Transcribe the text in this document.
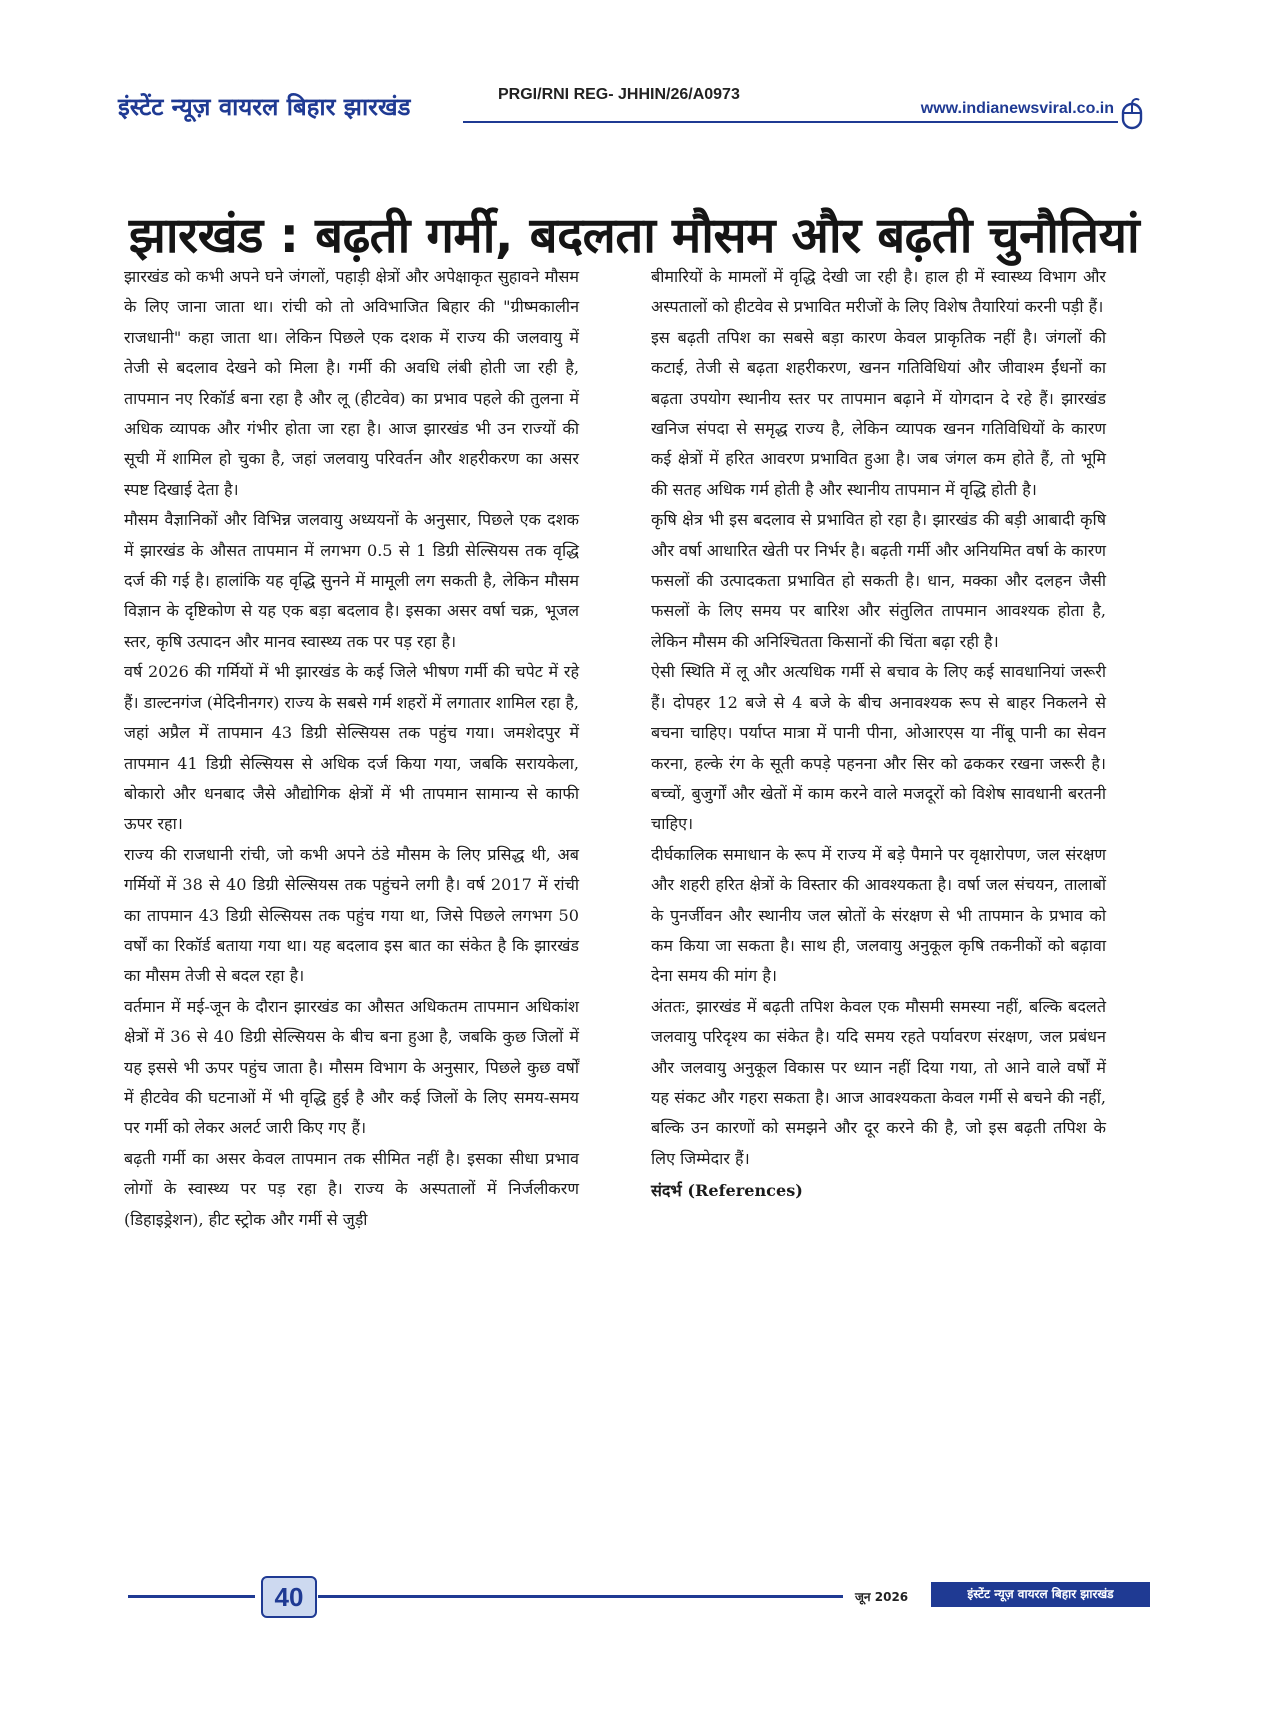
इंस्टेंट न्यूज़ वायरल बिहार झारखंड	PRGI/RNI REG- JHHIN/26/A0973
www.indianewsviral.co.in
झारखंड : बढ़ती गर्मी, बदलता मौसम और बढ़ती चुनौतियां

झारखंड को कभी अपने घने जंगलों, पहाड़ी क्षेत्रों और अपेक्षाकृत सुहावने मौसम के लिए जाना जाता था। रांची को तो अविभाजित बिहार की "ग्रीष्मकालीन राजधानी" कहा जाता था। लेकिन पिछले एक दशक में राज्य की जलवायु में तेजी से बदलाव देखने को मिला है। गर्मी की अवधि लंबी होती जा रही है, तापमान नए रिकॉर्ड बना रहा है और लू (हीटवेव) का प्रभाव पहले की तुलना में अधिक व्यापक और गंभीर होता जा रहा है। आज झारखंड भी उन राज्यों की सूची में शामिल हो चुका है, जहां जलवायु परिवर्तन और शहरीकरण का असर स्पष्ट दिखाई देता है।

मौसम वैज्ञानिकों और विभिन्न जलवायु अध्ययनों के अनुसार, पिछले एक दशक में झारखंड के औसत तापमान में लगभग 0.5 से 1 डिग्री सेल्सियस तक वृद्धि दर्ज की गई है। हालांकि यह वृद्धि सुनने में मामूली लग सकती है, लेकिन मौसम विज्ञान के दृष्टिकोण से यह एक बड़ा बदलाव है। इसका असर वर्षा चक्र, भूजल स्तर, कृषि उत्पादन और मानव स्वास्थ्य तक पर पड़ रहा है।

वर्ष 2026 की गर्मियों में भी झारखंड के कई जिले भीषण गर्मी की चपेट में रहे हैं। डाल्टनगंज (मेदिनीनगर) राज्य के सबसे गर्म शहरों में लगातार शामिल रहा है, जहां अप्रैल में तापमान 43 डिग्री सेल्सियस तक पहुंच गया। जमशेदपुर में तापमान 41 डिग्री सेल्सियस से अधिक दर्ज किया गया, जबकि सरायकेला, बोकारो और धनबाद जैसे औद्योगिक क्षेत्रों में भी तापमान सामान्य से काफी ऊपर रहा।

राज्य की राजधानी रांची, जो कभी अपने ठंडे मौसम के लिए प्रसिद्ध थी, अब गर्मियों में 38 से 40 डिग्री सेल्सियस तक पहुंचने लगी है। वर्ष 2017 में रांची का तापमान 43 डिग्री सेल्सियस तक पहुंच गया था, जिसे पिछले लगभग 50 वर्षों का रिकॉर्ड बताया गया था। यह बदलाव इस बात का संकेत है कि झारखंड का मौसम तेजी से बदल रहा है।

वर्तमान में मई-जून के दौरान झारखंड का औसत अधिकतम तापमान अधिकांश क्षेत्रों में 36 से 40 डिग्री सेल्सियस के बीच बना हुआ है, जबकि कुछ जिलों में यह इससे भी ऊपर पहुंच जाता है। मौसम विभाग के अनुसार, पिछले कुछ वर्षों में हीटवेव की घटनाओं में भी वृद्धि हुई है और कई जिलों के लिए समय-समय पर गर्मी को लेकर अलर्ट जारी किए गए हैं।

बढ़ती गर्मी का असर केवल तापमान तक सीमित नहीं है। इसका सीधा प्रभाव लोगों के स्वास्थ्य पर पड़ रहा है। राज्य के अस्पतालों में निर्जलीकरण (डिहाइड्रेशन), हीट स्ट्रोक और गर्मी से जुड़ी

बीमारियों के मामलों में वृद्धि देखी जा रही है। हाल ही में स्वास्थ्य विभाग और अस्पतालों को हीटवेव से प्रभावित मरीजों के लिए विशेष तैयारियां करनी पड़ी हैं।

इस बढ़ती तपिश का सबसे बड़ा कारण केवल प्राकृतिक नहीं है। जंगलों की कटाई, तेजी से बढ़ता शहरीकरण, खनन गतिविधियां और जीवाश्म ईंधनों का बढ़ता उपयोग स्थानीय स्तर पर तापमान बढ़ाने में योगदान दे रहे हैं। झारखंड खनिज संपदा से समृद्ध राज्य है, लेकिन व्यापक खनन गतिविधियों के कारण कई क्षेत्रों में हरित आवरण प्रभावित हुआ है। जब जंगल कम होते हैं, तो भूमि की सतह अधिक गर्म होती है और स्थानीय तापमान में वृद्धि होती है।

कृषि क्षेत्र भी इस बदलाव से प्रभावित हो रहा है। झारखंड की बड़ी आबादी कृषि और वर्षा आधारित खेती पर निर्भर है। बढ़ती गर्मी और अनियमित वर्षा के कारण फसलों की उत्पादकता प्रभावित हो सकती है। धान, मक्का और दलहन जैसी फसलों के लिए समय पर बारिश और संतुलित तापमान आवश्यक होता है, लेकिन मौसम की अनिश्चितता किसानों की चिंता बढ़ा रही है।

ऐसी स्थिति में लू और अत्यधिक गर्मी से बचाव के लिए कई सावधानियां जरूरी हैं। दोपहर 12 बजे से 4 बजे के बीच अनावश्यक रूप से बाहर निकलने से बचना चाहिए। पर्याप्त मात्रा में पानी पीना, ओआरएस या नींबू पानी का सेवन करना, हल्के रंग के सूती कपड़े पहनना और सिर को ढककर रखना जरूरी है। बच्चों, बुजुर्गों और खेतों में काम करने वाले मजदूरों को विशेष सावधानी बरतनी चाहिए।

दीर्घकालिक समाधान के रूप में राज्य में बड़े पैमाने पर वृक्षारोपण, जल संरक्षण और शहरी हरित क्षेत्रों के विस्तार की आवश्यकता है। वर्षा जल संचयन, तालाबों के पुनर्जीवन और स्थानीय जल स्रोतों के संरक्षण से भी तापमान के प्रभाव को कम किया जा सकता है। साथ ही, जलवायु अनुकूल कृषि तकनीकों को बढ़ावा देना समय की मांग है।

अंततः, झारखंड में बढ़ती तपिश केवल एक मौसमी समस्या नहीं, बल्कि बदलते जलवायु परिदृश्य का संकेत है। यदि समय रहते पर्यावरण संरक्षण, जल प्रबंधन और जलवायु अनुकूल विकास पर ध्यान नहीं दिया गया, तो आने वाले वर्षों में यह संकट और गहरा सकता है। आज आवश्यकता केवल गर्मी से बचने की नहीं, बल्कि उन कारणों को समझने और दूर करने की है, जो इस बढ़ती तपिश के लिए जिम्मेदार हैं।

संदर्भ (References)

40	जून 2026	इंस्टेंट न्यूज़ वायरल बिहार झारखंड
